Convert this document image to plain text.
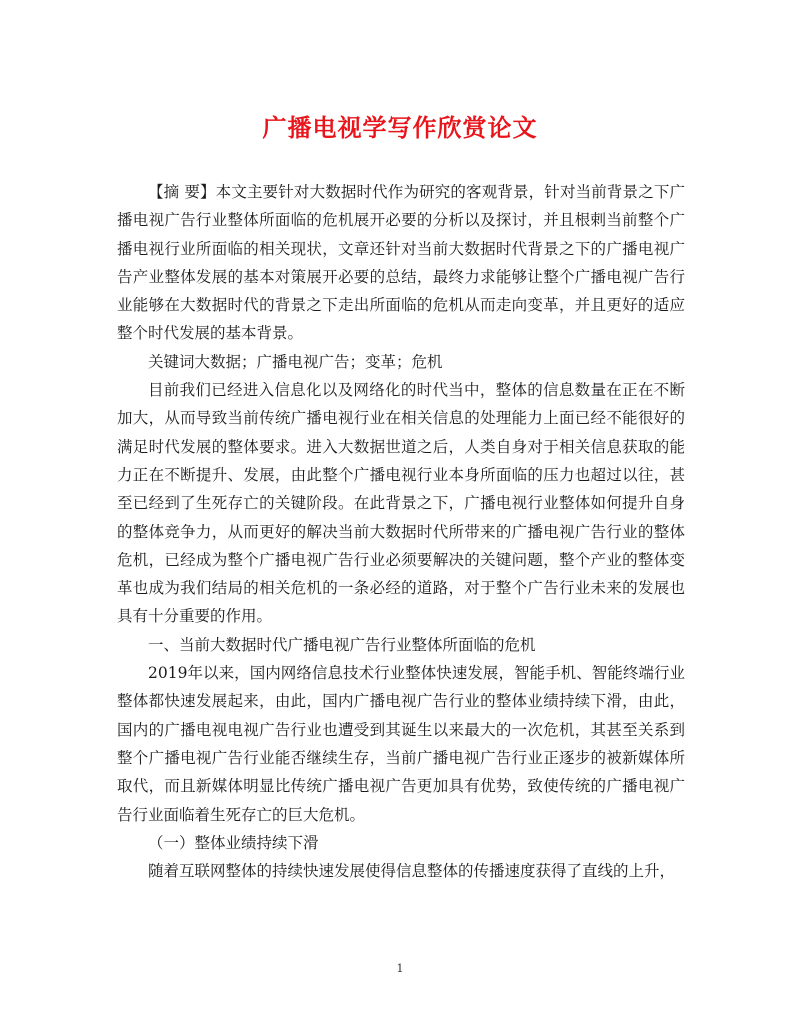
广播电视学写作欣赏论文

【摘 要】本文主要针对大数据时代作为研究的客观背景，针对当前背景之下广播电视广告行业整体所面临的危机展开必要的分析以及探讨，并且根剌当前整个广播电视行业所面临的相关现状，文章还针对当前大数据时代背景之下的广播电视广告产业整体发展的基本对策展开必要的总结，最终力求能够让整个广播电视广告行业能够在大数据时代的背景之下走出所面临的危机从而走向变革，并且更好的适应整个时代发展的基本背景。

关键词大数据；广播电视广告；变革；危机

目前我们已经进入信息化以及网络化的时代当中，整体的信息数量在正在不断加大，从而导致当前传统广播电视行业在相关信息的处理能力上面已经不能很好的满足时代发展的整体要求。进入大数据世道之后，人类自身对于相关信息获取的能力正在不断提升、发展，由此整个广播电视行业本身所面临的压力也超过以往，甚至已经到了生死存亡的关键阶段。在此背景之下，广播电视行业整体如何提升自身的整体竞争力，从而更好的解决当前大数据时代所带来的广播电视广告行业的整体危机，已经成为整个广播电视广告行业必须要解决的关键问题，整个产业的整体变革也成为我们结局的相关危机的一条必经的道路，对于整个广告行业未来的发展也具有十分重要的作用。

一、当前大数据时代广播电视广告行业整体所面临的危机

2019年以来，国内网络信息技术行业整体快速发展，智能手机、智能终端行业整体都快速发展起来，由此，国内广播电视广告行业的整体业绩持续下滑，由此，国内的广播电视电视广告行业也遭受到其诞生以来最大的一次危机，其甚至关系到整个广播电视广告行业能否继续生存，当前广播电视广告行业正逐步的被新媒体所取代，而且新媒体明显比传统广播电视广告更加具有优势，致使传统的广播电视广告行业面临着生死存亡的巨大危机。

（一）整体业绩持续下滑

随着互联网整体的持续快速发展使得信息整体的传播速度获得了直线的上升，

1
